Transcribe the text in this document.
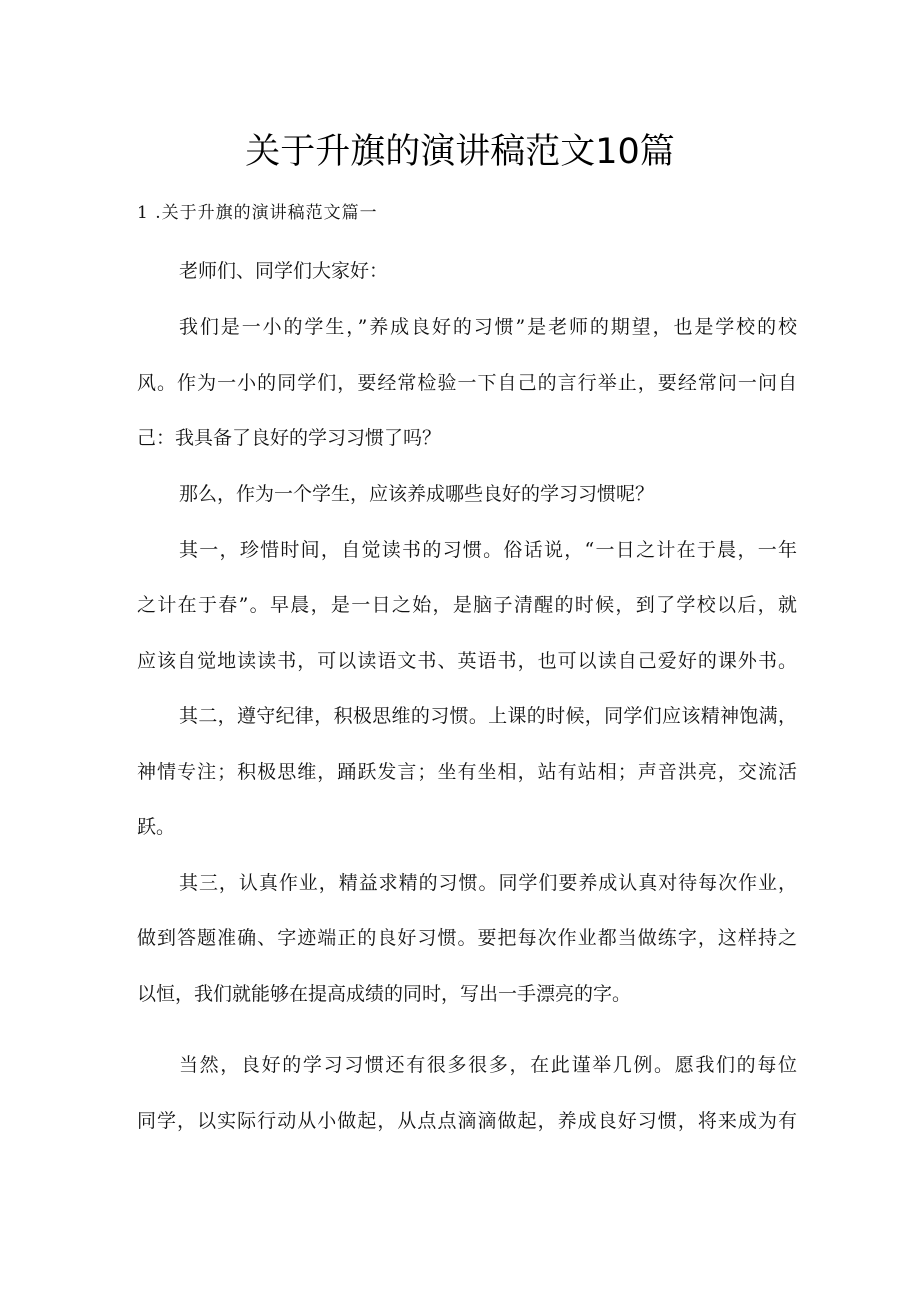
关于升旗的演讲稿范文10篇
1 .关于升旗的演讲稿范文篇一
老师们、同学们大家好：
我们是一小的学生，”养成良好的习惯”是老师的期望，也是学校的校
风。作为一小的同学们，要经常检验一下自己的言行举止，要经常问一问自
己：我具备了良好的学习习惯了吗？
那么，作为一个学生，应该养成哪些良好的学习习惯呢？
其一，珍惜时间，自觉读书的习惯。俗话说，“一日之计在于晨，一年
之计在于春”。早晨，是一日之始，是脑子清醒的时候，到了学校以后，就
应该自觉地读读书，可以读语文书、英语书，也可以读自己爱好的课外书。
其二，遵守纪律，积极思维的习惯。上课的时候，同学们应该精神饱满，
神情专注；积极思维，踊跃发言；坐有坐相，站有站相；声音洪亮，交流活
跃。
其三，认真作业，精益求精的习惯。同学们要养成认真对待每次作业，
做到答题准确、字迹端正的良好习惯。要把每次作业都当做练字，这样持之
以恒，我们就能够在提高成绩的同时，写出一手漂亮的字。
当然，良好的学习习惯还有很多很多，在此谨举几例。愿我们的每位
同学，以实际行动从小做起，从点点滴滴做起，养成良好习惯，将来成为有
